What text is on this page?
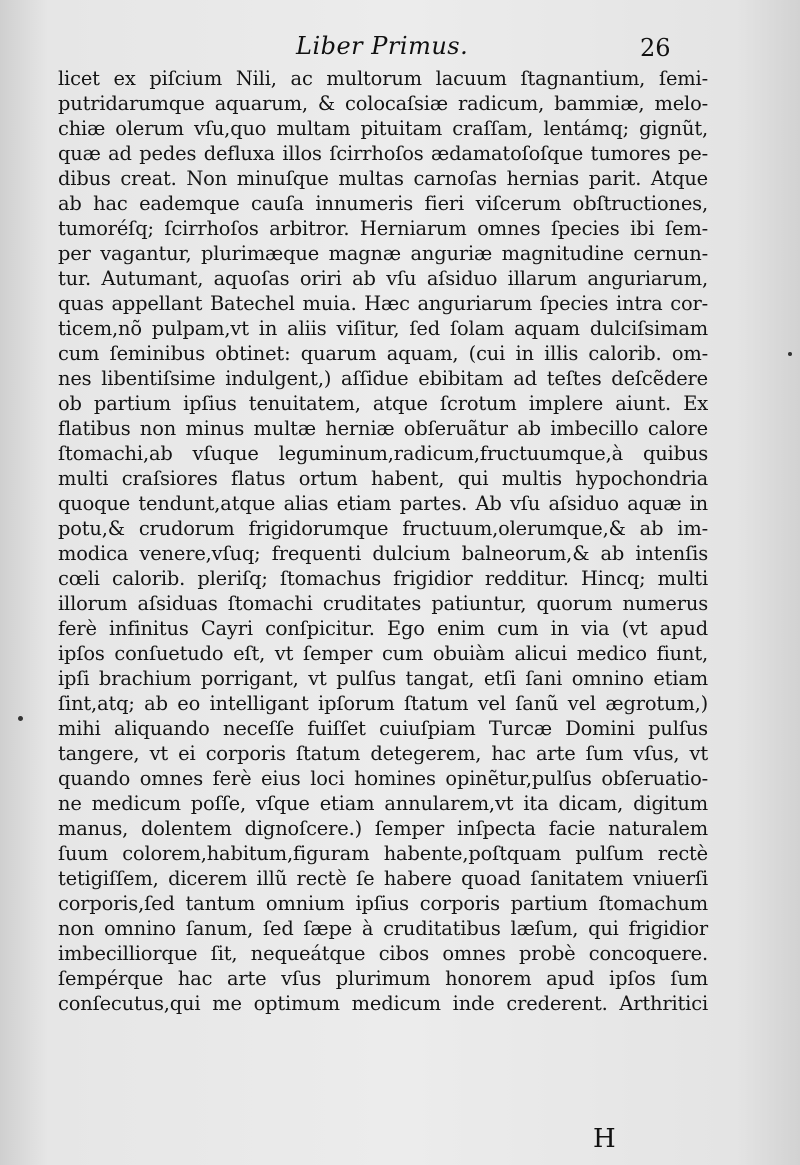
Liber Primus.	26
licet ex piſcium Nili, ac multorum lacuum ſtagnantium, ſemi-
putridarumque aquarum, & colocaſsiæ radicum, bammiæ, melo-
chiæ olerum vſu,quo multam pituitam craſſam, lentámq; gignũt,
quæ ad pedes defluxa illos ſcirrhoſos ædamatoſoſque tumores pe-
dibus creat. Non minuſque multas carnoſas hernias parit. Atque
ab hac eademque cauſa innumeris fieri viſcerum obſtructiones,
tumoréſq; ſcirrhoſos arbitror. Herniarum omnes ſpecies ibi ſem-
per vagantur, plurimæque magnæ anguriæ magnitudine cernun-
tur. Autumant, aquoſas oriri ab vſu aſsiduo illarum anguriarum,
quas appellant Batechel muia. Hæc anguriarum ſpecies intra cor-
ticem,nõ pulpam,vt in aliis viſitur, ſed ſolam aquam dulciſsimam
cum ſeminibus obtinet: quarum aquam, (cui in illis calorib. om-
nes libentiſsime indulgent,) aſſidue ebibitam ad teſtes deſcẽdere
ob partium ipſius tenuitatem, atque ſcrotum implere aiunt. Ex
flatibus non minus multæ herniæ obſeruãtur ab imbecillo calore
ſtomachi,ab vſuque leguminum,radicum,fructuumque,à quibus
multi craſsiores flatus ortum habent, qui multis hypochondria
quoque tendunt,atque alias etiam partes. Ab vſu aſsiduo aquæ in
potu,& crudorum frigidorumque fructuum,olerumque,& ab im-
modica venere,vſuq; frequenti dulcium balneorum,& ab intenſis
cœli calorib. pleriſq; ſtomachus frigidior redditur. Hincq; multi
illorum aſsiduas ſtomachi cruditates patiuntur, quorum numerus
ferè infinitus Cayri conſpicitur. Ego enim cum in via (vt apud
ipſos conſuetudo eſt, vt ſemper cum obuiàm alicui medico fiunt,
ipſi brachium porrigant, vt pulſus tangat, etſi ſani omnino etiam
ſint,atq; ab eo intelligant ipſorum ſtatum vel ſanũ vel ægrotum,)
mihi aliquando neceſſe fuiſſet cuiuſpiam Turcæ Domini pulſus
tangere, vt ei corporis ſtatum detegerem, hac arte ſum vſus, vt
quando omnes ferè eius loci homines opinẽtur,pulſus obſeruatio-
ne medicum poſſe, vſque etiam annularem,vt ita dicam, digitum
manus, dolentem dignoſcere.) ſemper inſpecta facie naturalem
ſuum colorem,habitum,figuram habente,poſtquam pulſum rectè
tetigiſſem, dicerem illũ rectè ſe habere quoad ſanitatem vniuerſi
corporis,ſed tantum omnium ipſius corporis partium ſtomachum
non omnino ſanum, ſed ſæpe à cruditatibus læſum, qui frigidior
imbecilliorque ſit, nequeátque cibos omnes probè concoquere.
ſempérque hac arte vſus plurimum honorem apud ipſos ſum
conſecutus,qui me optimum medicum inde crederent. Arthritici
H
